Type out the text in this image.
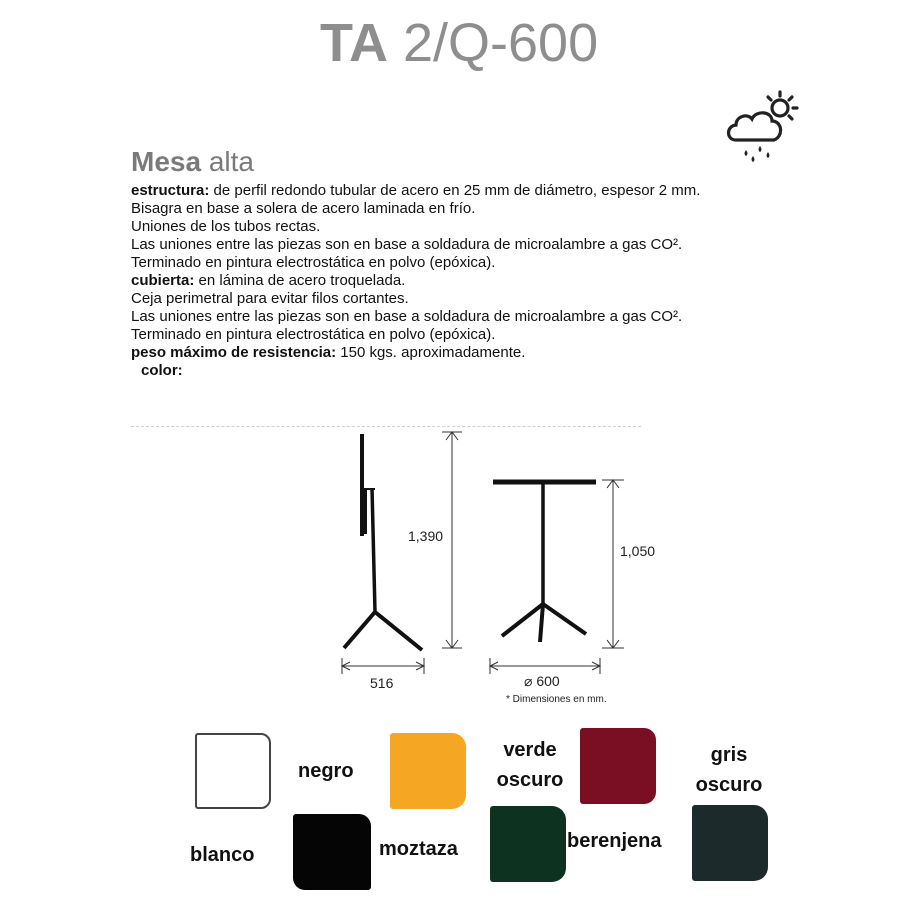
TA 2/Q-600
Mesa alta

estructura: de perfil redondo tubular de acero en 25 mm de diámetro, espesor 2 mm.

Bisagra en base a solera de acero laminada en frío.

Uniones de los tubos rectas.

Las uniones entre las piezas son en base a soldadura de microalambre a gas CO².

Terminado en pintura electrostática en polvo (epóxica).

cubierta: en lámina de acero troquelada.

Ceja perimetral para evitar filos cortantes.

Las uniones entre las piezas son en base a soldadura de microalambre a gas CO².

Terminado en pintura electrostática en polvo (epóxica).

peso máximo de resistencia: 150 kgs. aproximadamente.

color:

1,390
516
1,050
⌀ 600
* Dimensiones en mm.
blanco
negro
moztaza
verde oscuro
berenjena
gris oscuro
